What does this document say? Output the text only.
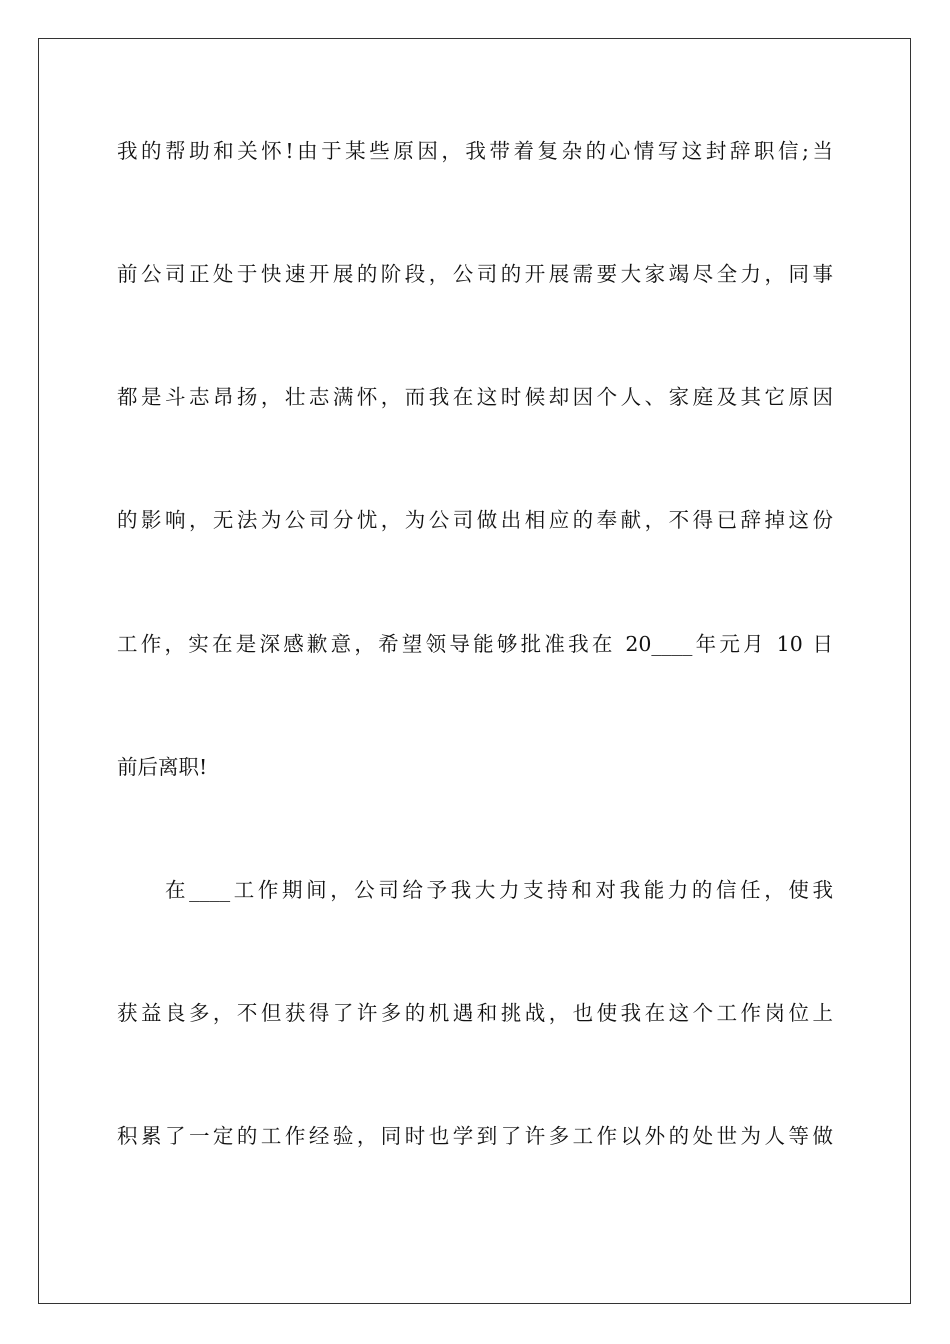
我的帮助和关怀!由于某些原因，我带着复杂的心情写这封辞职信;当
前公司正处于快速开展的阶段，公司的开展需要大家竭尽全力，同事
都是斗志昂扬，壮志满怀，而我在这时候却因个人、家庭及其它原因
的影响，无法为公司分忧，为公司做出相应的奉献，不得已辞掉这份
工作，实在是深感歉意，希望领导能够批准我在 20____年元月 10 日
前后离职!
在____工作期间，公司给予我大力支持和对我能力的信任，使我
获益良多，不但获得了许多的机遇和挑战，也使我在这个工作岗位上
积累了一定的工作经验，同时也学到了许多工作以外的处世为人等做
